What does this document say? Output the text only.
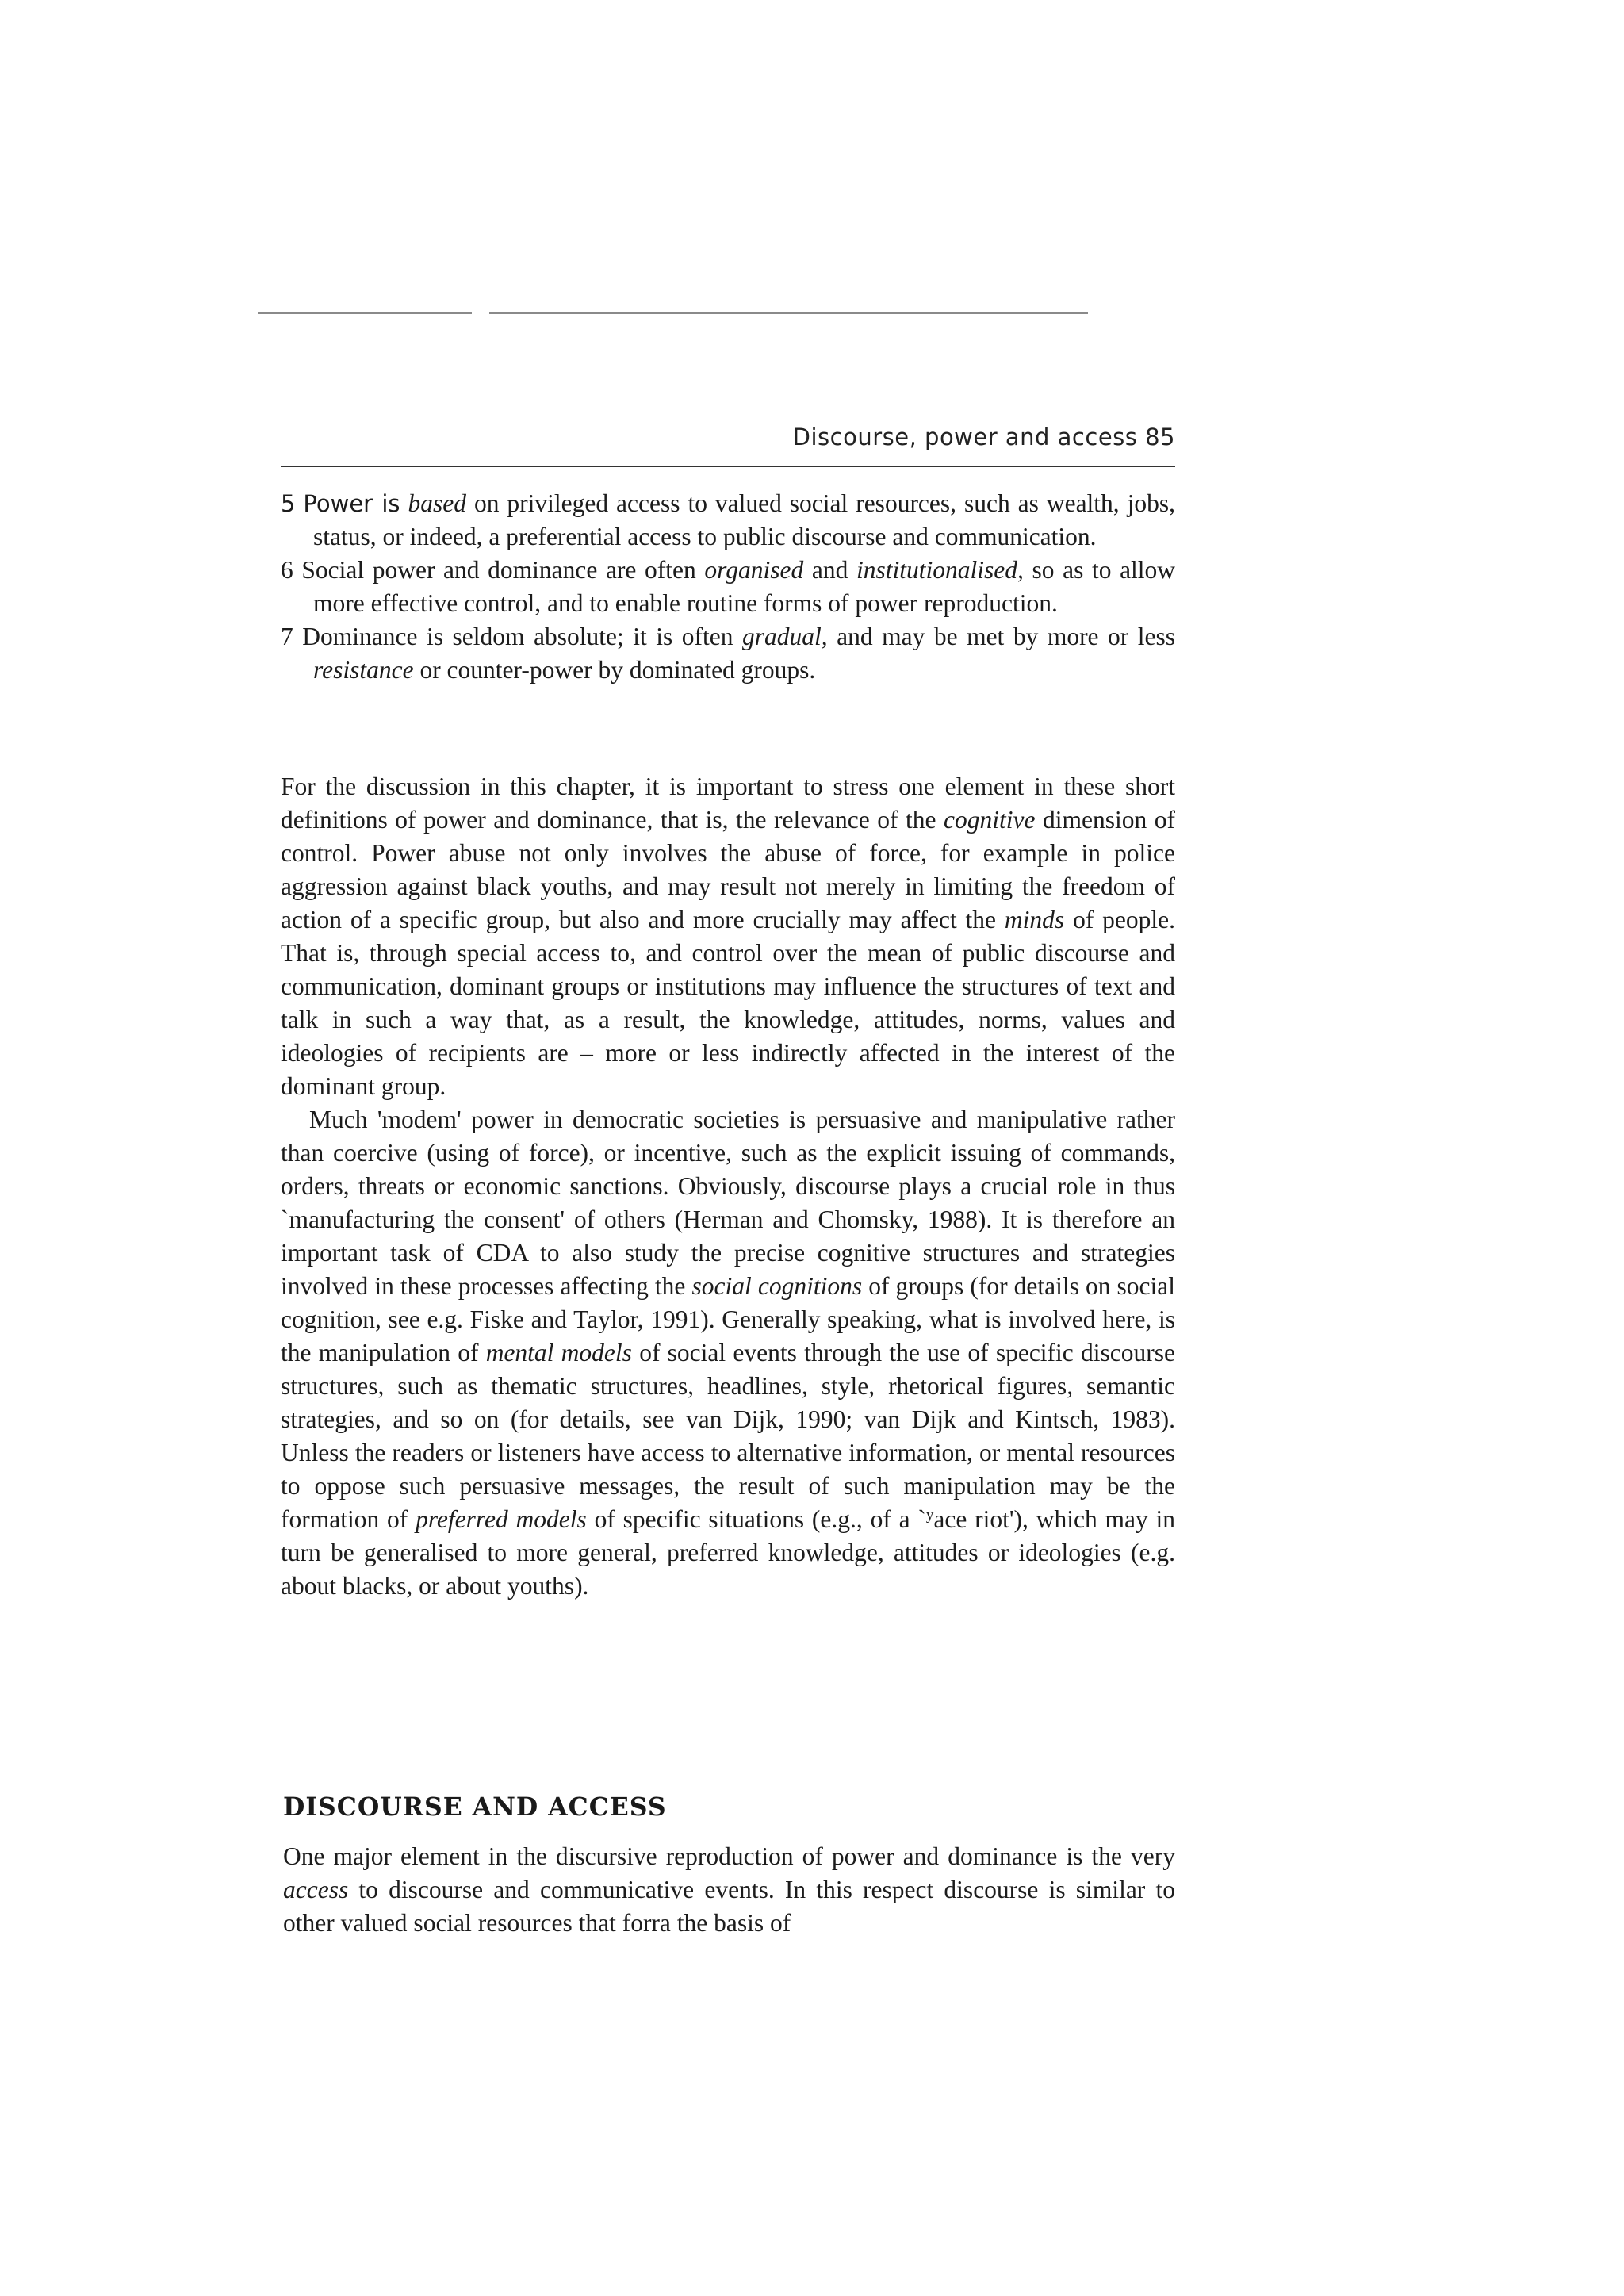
Discourse, power and access 85

5 Power is based on privileged access to valued social resources, such as wealth, jobs, status, or indeed, a preferential access to public discourse and communication.

6 Social power and dominance are often organised and institutionalised, so as to allow more effective control, and to enable routine forms of power reproduction.

7 Dominance is seldom absolute; it is often gradual, and may be met by more or less resistance or counter-power by dominated groups.

For the discussion in this chapter, it is important to stress one element in these short definitions of power and dominance, that is, the relevance of the cognitive dimension of control. Power abuse not only involves the abuse of force, for example in police aggression against black youths, and may result not merely in limiting the freedom of action of a specific group, but also and more crucially may affect the minds of people. That is, through special access to, and control over the mean of public discourse and communication, dominant groups or institutions may influence the structures of text and talk in such a way that, as a result, the knowledge, attitudes, norms, values and ideologies of recipients are – more or less indirectly affected in the interest of the dominant group.

Much 'modem' power in democratic societies is persuasive and manipulative rather than coercive (using of force), or incentive, such as the explicit issuing of commands, orders, threats or economic sanctions. Obviously, discourse plays a crucial role in thus `manufacturing the consent' of others (Herman and Chomsky, 1988). It is therefore an important task of CDA to also study the precise cognitive structures and strategies involved in these processes affecting the social cognitions of groups (for details on social cognition, see e.g. Fiske and Taylor, 1991). Generally speaking, what is involved here, is the manipulation of mental models of social events through the use of specific discourse structures, such as thematic structures, headlines, style, rhetorical figures, semantic strategies, and so on (for details, see van Dijk, 1990; van Dijk and Kintsch, 1983). Unless the readers or listeners have access to alternative information, or mental resources to oppose such persuasive messages, the result of such manipulation may be the formation of preferred models of specific situations (e.g., of a `$^y$ace riot'), which may in turn be generalised to more general, preferred knowledge, attitudes or ideologies (e.g. about blacks, or about youths).

DISCOURSE AND ACCESS

One major element in the discursive reproduction of power and dominance is the very access to discourse and communicative events. In this respect discourse is similar to other valued social resources that forra the basis of
